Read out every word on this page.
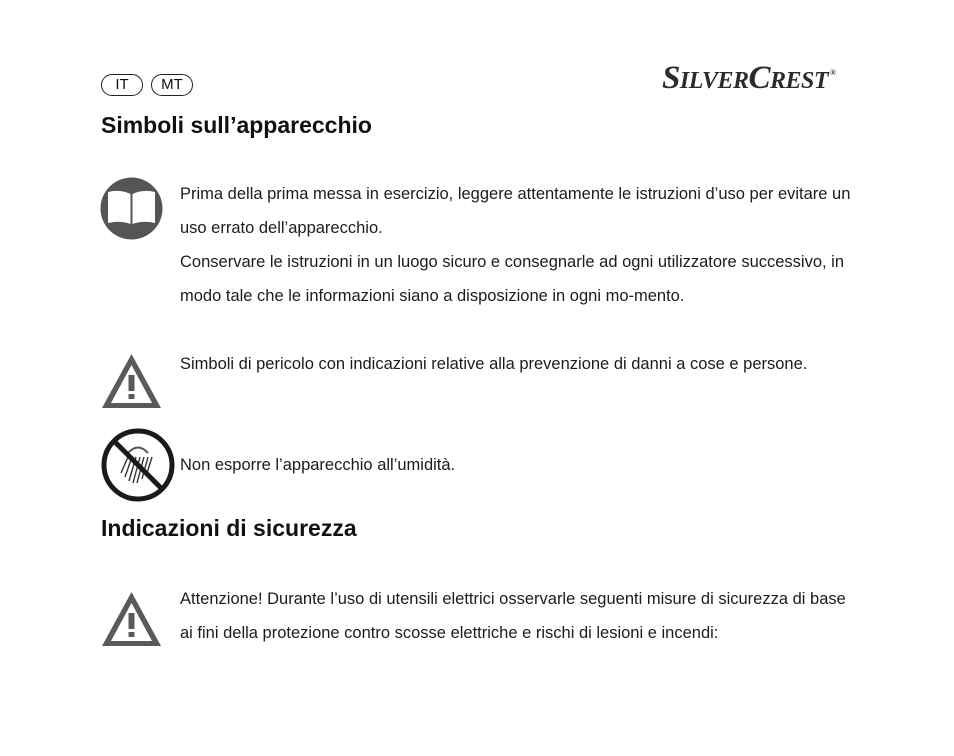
IT	MT	SILVERCREST ®
Simboli sull’apparecchio

Prima della prima messa in esercizio, leggere attentamente le istruzioni d’uso per evitare un uso errato dell’apparecchio.

Conservare le istruzioni in un luogo sicuro e consegnarle ad ogni utilizzatore successivo, in modo tale che le informazioni siano a disposizione in ogni mo-mento.

Simboli di pericolo con indicazioni relative alla prevenzione di danni a cose e persone.

Non esporre l’apparecchio all’umidità.

Indicazioni di sicurezza

Attenzione! Durante l’uso di utensili elettrici osservarle seguenti misure di sicurezza di base ai fini della protezione contro scosse elettriche e rischi di lesioni e incendi:
